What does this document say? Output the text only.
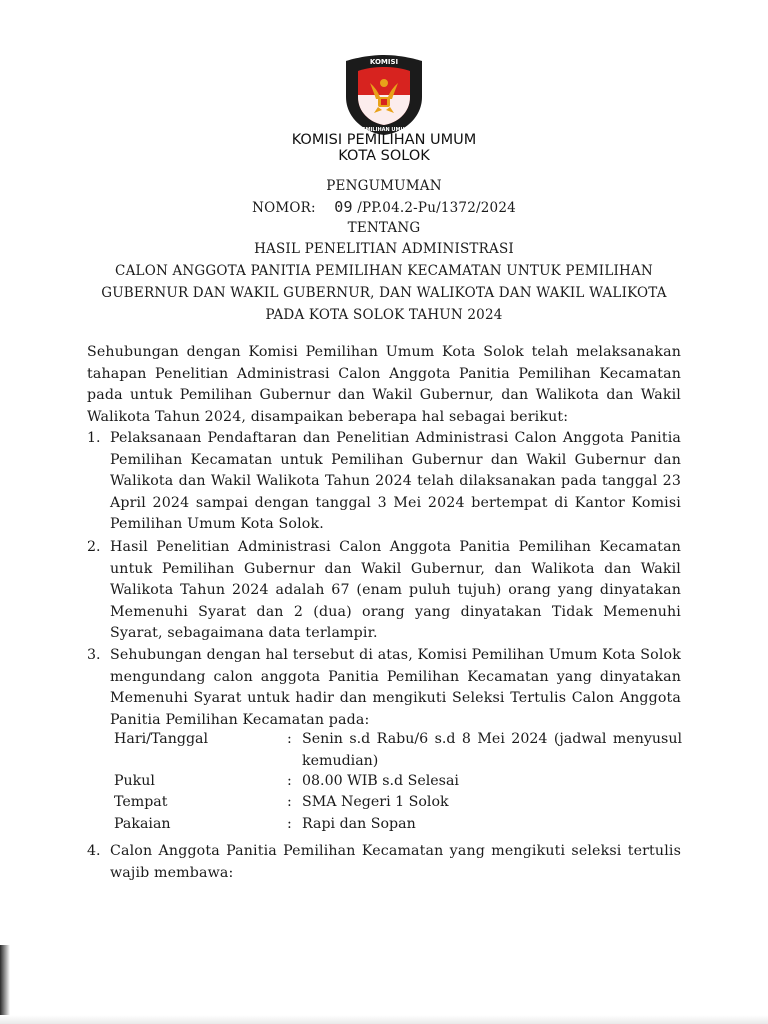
KOMISI
PEMILIHAN UMUM
KOMISI PEMILIHAN UMUM
KOTA SOLOK
PENGUMUMAN
NOMOR: 09 /PP.04.2-Pu/1372/2024
TENTANG
HASIL PENELITIAN ADMINISTRASI
CALON ANGGOTA PANITIA PEMILIHAN KECAMATAN UNTUK PEMILIHAN
GUBERNUR DAN WAKIL GUBERNUR, DAN WALIKOTA DAN WAKIL WALIKOTA
PADA KOTA SOLOK TAHUN 2024
Sehubungan dengan Komisi Pemilihan Umum Kota Solok telah melaksanakan tahapan Penelitian Administrasi Calon Anggota Panitia Pemilihan Kecamatan pada untuk Pemilihan Gubernur dan Wakil Gubernur, dan Walikota dan Wakil Walikota Tahun 2024, disampaikan beberapa hal sebagai berikut:
1. Pelaksanaan Pendaftaran dan Penelitian Administrasi Calon Anggota Panitia Pemilihan Kecamatan untuk Pemilihan Gubernur dan Wakil Gubernur dan Walikota dan Wakil Walikota Tahun 2024 telah dilaksanakan pada tanggal 23 April 2024 sampai dengan tanggal 3 Mei 2024 bertempat di Kantor Komisi Pemilihan Umum Kota Solok.
2. Hasil Penelitian Administrasi Calon Anggota Panitia Pemilihan Kecamatan untuk Pemilihan Gubernur dan Wakil Gubernur, dan Walikota dan Wakil Walikota Tahun 2024 adalah 67 (enam puluh tujuh) orang yang dinyatakan Memenuhi Syarat dan 2 (dua) orang yang dinyatakan Tidak Memenuhi Syarat, sebagaimana data terlampir.
3. Sehubungan dengan hal tersebut di atas, Komisi Pemilihan Umum Kota Solok mengundang calon anggota Panitia Pemilihan Kecamatan yang dinyatakan Memenuhi Syarat untuk hadir dan mengikuti Seleksi Tertulis Calon Anggota Panitia Pemilihan Kecamatan pada:
Hari/Tanggal	: Senin s.d Rabu/6 s.d 8 Mei 2024 (jadwal menyusul kemudian)
Pukul	: 08.00 WIB s.d Selesai
Tempat	: SMA Negeri 1 Solok
Pakaian	: Rapi dan Sopan
4. Calon Anggota Panitia Pemilihan Kecamatan yang mengikuti seleksi tertulis wajib membawa:
